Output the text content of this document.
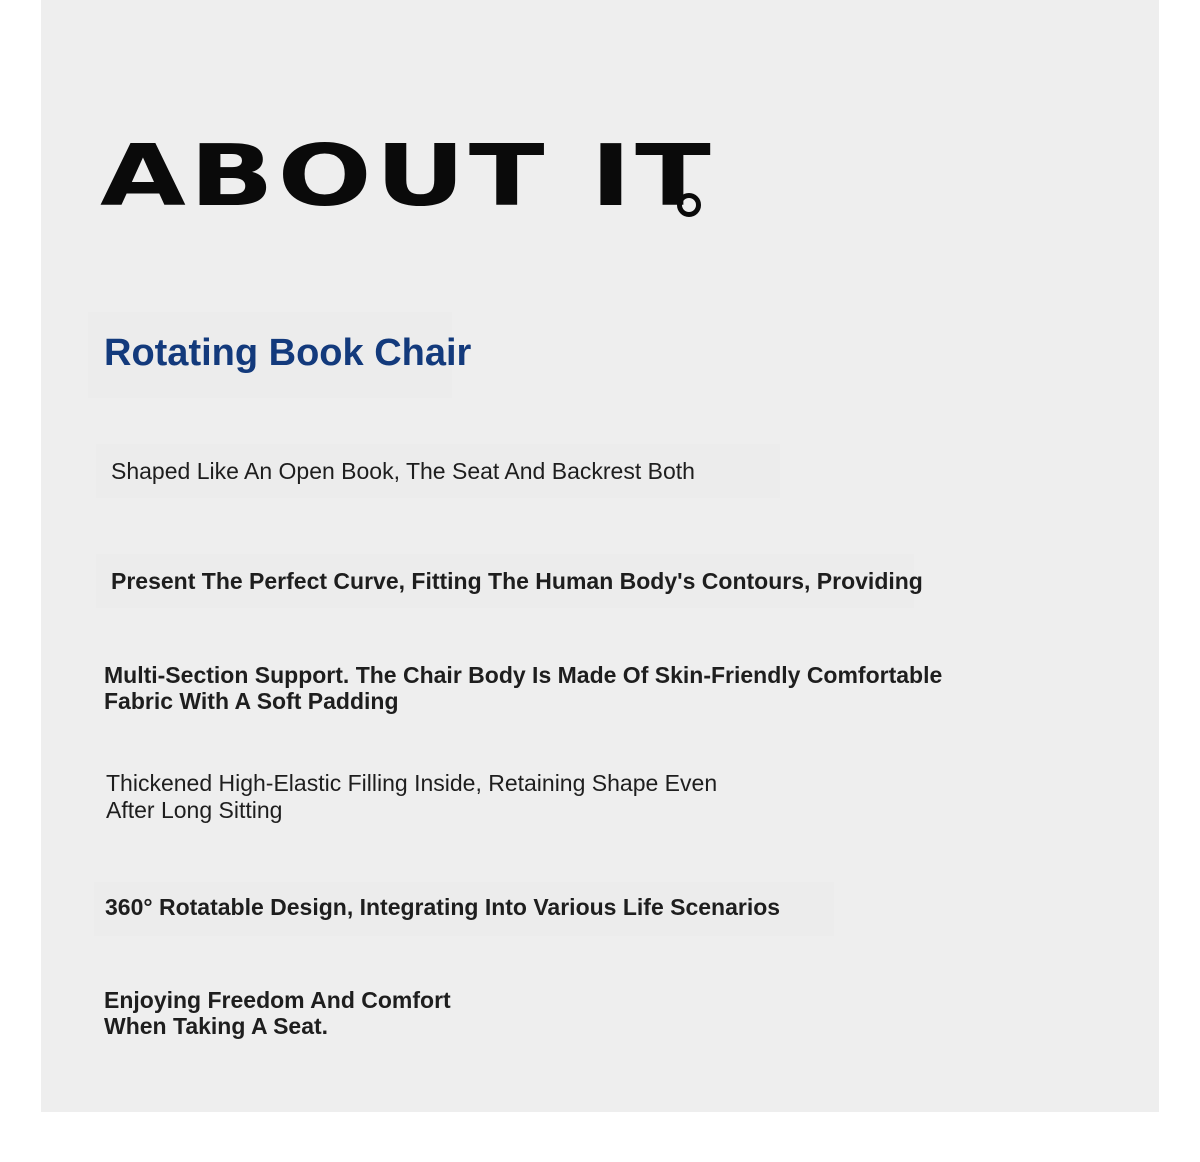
ABOUT IT
Rotating Book Chair

Shaped Like An Open Book, The Seat And Backrest Both

Present The Perfect Curve, Fitting The Human Body's Contours, Providing

Multi-Section Support. The Chair Body Is Made Of Skin-Friendly Comfortable

Fabric With A Soft Padding

Thickened High-Elastic Filling Inside, Retaining Shape Even

After Long Sitting

360° Rotatable Design, Integrating Into Various Life Scenarios

Enjoying Freedom And Comfort

When Taking A Seat.
